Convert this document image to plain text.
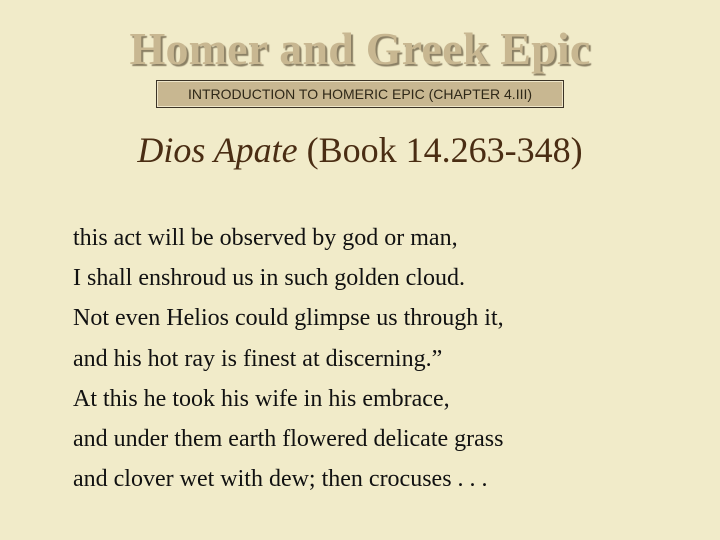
Homer and Greek Epic
INTRODUCTION TO HOMERIC EPIC (CHAPTER 4.III)
Dios Apate (Book 14.263-348)
this act will be observed by god or man,
I shall enshroud us in such golden cloud.
Not even Helios could glimpse us through it,
and his hot ray is finest at discerning.”
At this he took his wife in his embrace,
and under them earth flowered delicate grass
and clover wet with dew; then crocuses . . .
